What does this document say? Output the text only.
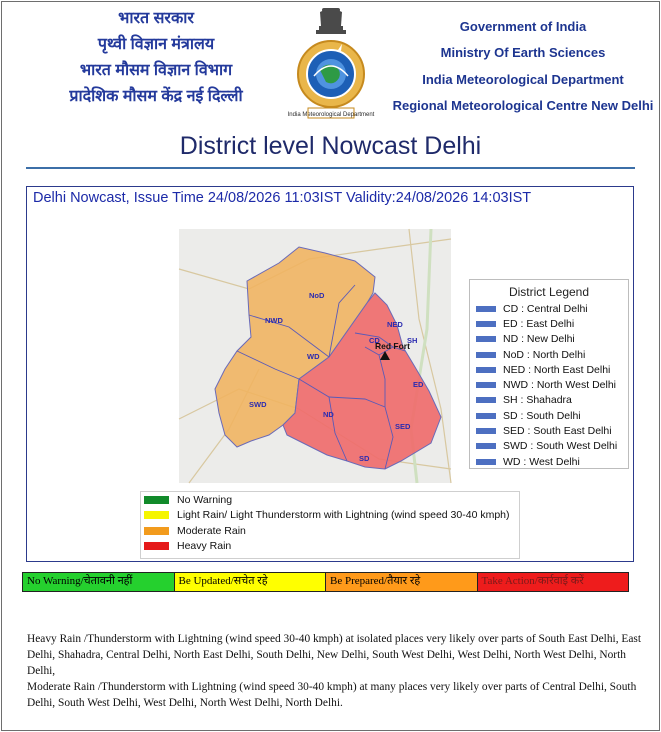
भारत सरकार
पृथ्वी विज्ञान मंत्रालय
भारत मौसम विज्ञान विभाग
प्रादेशिक मौसम केंद्र नई दिल्ली
India Meteorological Department
Government of India
Ministry Of Earth Sciences
India Meteorological Department
Regional Meteorological Centre New Delhi
District level Nowcast Delhi
Delhi Nowcast, Issue Time 24/08/2026 11:03IST Validity:24/08/2026 14:03IST
NoD
NWD
WD
SWD
ND
SD
SED
CD
NED
SH
ED
Red Fort
District Legend
CD : Central Delhi
ED : East Delhi
ND : New Delhi
NoD : North Delhi
NED : North East Delhi
NWD : North West Delhi
SH : Shahadra
SD : South Delhi
SED : South East Delhi
SWD : South West Delhi
WD : West Delhi
No Warning
Light Rain/ Light Thunderstorm with Lightning (wind speed 30-40 kmph)
Moderate Rain
Heavy Rain
No Warning/चेतावनी नहीं	Be Updated/सचेत रहे	Be Prepared/तैयार रहे	Take Action/कार्रवाई करें

Heavy Rain /Thunderstorm with Lightning (wind speed 30-40 kmph) at isolated places very likely over parts of South East Delhi, East Delhi, Shahadra, Central Delhi, North East Delhi, South Delhi, New Delhi, South West Delhi, West Delhi, North West Delhi, North Delhi,

Moderate Rain /Thunderstorm with Lightning (wind speed 30-40 kmph) at many places very likely over parts of Central Delhi, South Delhi, South West Delhi, West Delhi, North West Delhi, North Delhi.
